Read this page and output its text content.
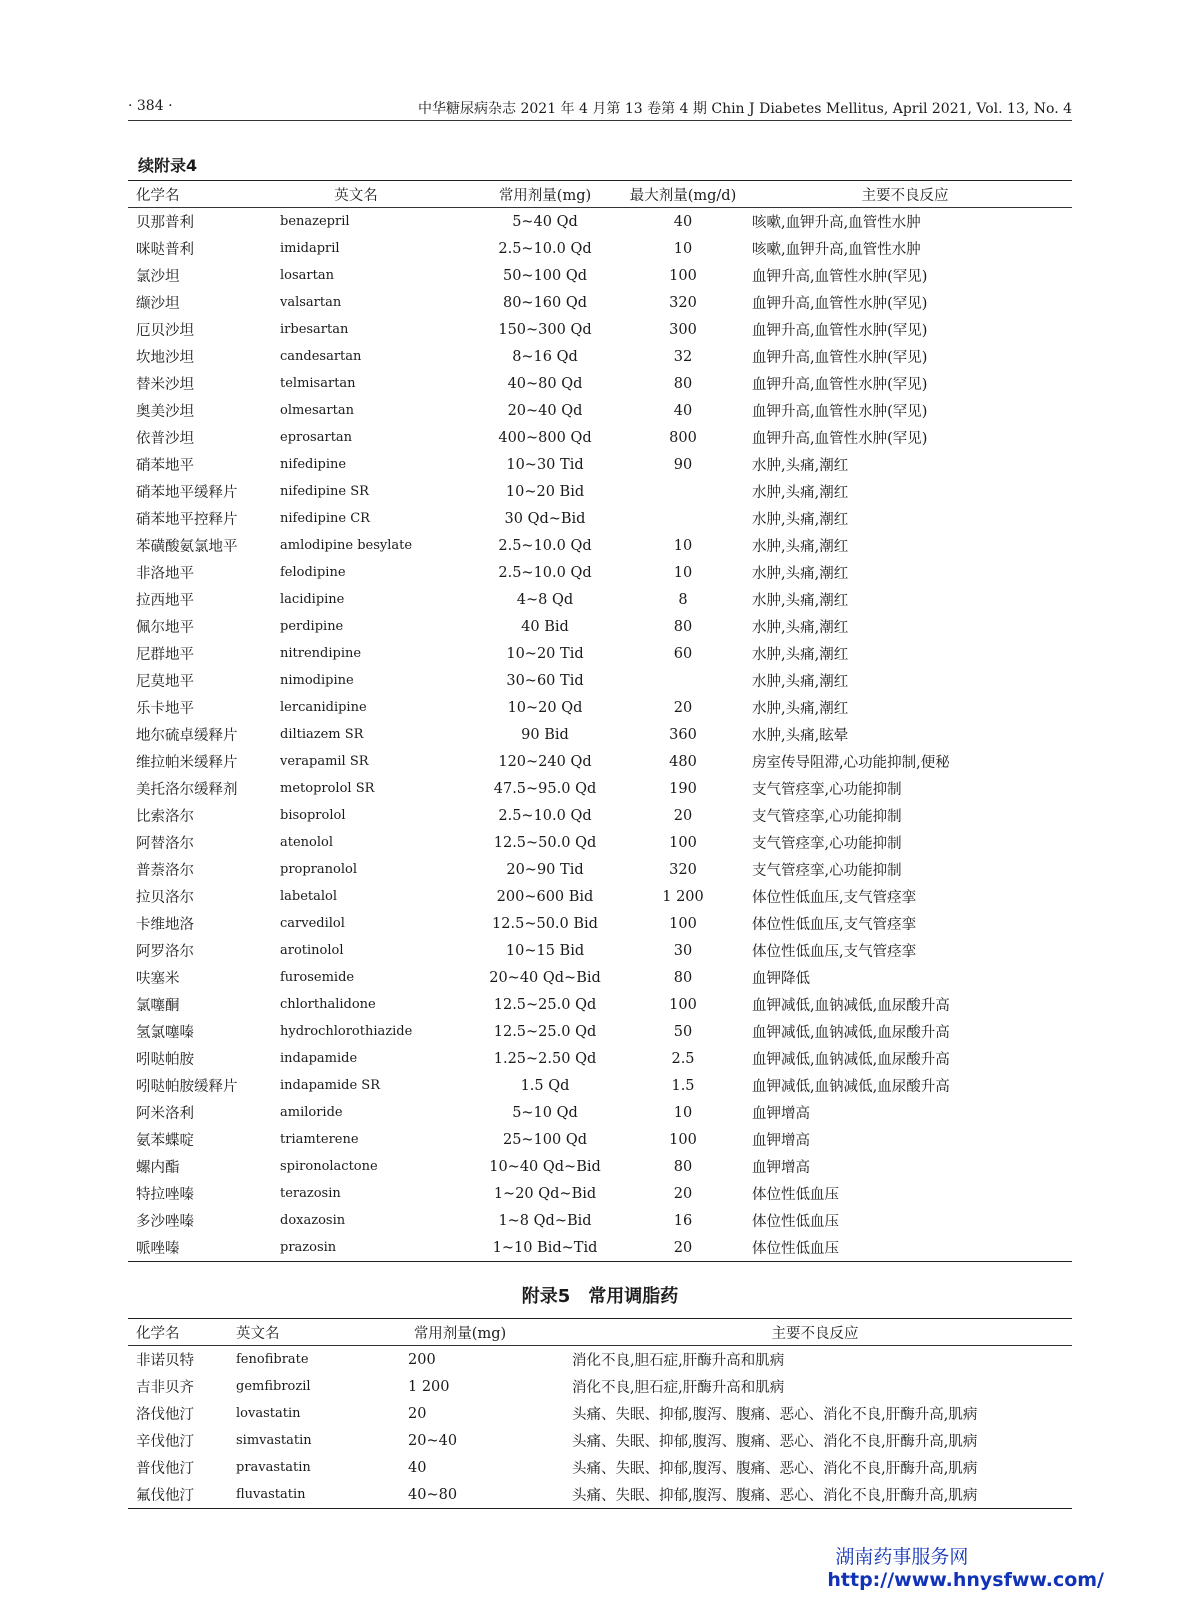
· 384 ·	中华糖尿病杂志 2021 年 4 月第 13 卷第 4 期 Chin J Diabetes Mellitus, April 2021, Vol. 13, No. 4
续附录4
化学名	英文名	常用剂量(mg)	最大剂量(mg/d)	主要不良反应
贝那普利	benazepril	5~40 Qd	40	咳嗽,血钾升高,血管性水肿
咪哒普利	imidapril	2.5~10.0 Qd	10	咳嗽,血钾升高,血管性水肿
氯沙坦	losartan	50~100 Qd	100	血钾升高,血管性水肿(罕见)
缬沙坦	valsartan	80~160 Qd	320	血钾升高,血管性水肿(罕见)
厄贝沙坦	irbesartan	150~300 Qd	300	血钾升高,血管性水肿(罕见)
坎地沙坦	candesartan	8~16 Qd	32	血钾升高,血管性水肿(罕见)
替米沙坦	telmisartan	40~80 Qd	80	血钾升高,血管性水肿(罕见)
奥美沙坦	olmesartan	20~40 Qd	40	血钾升高,血管性水肿(罕见)
依普沙坦	eprosartan	400~800 Qd	800	血钾升高,血管性水肿(罕见)
硝苯地平	nifedipine	10~30 Tid	90	水肿,头痛,潮红
硝苯地平缓释片	nifedipine SR	10~20 Bid		水肿,头痛,潮红
硝苯地平控释片	nifedipine CR	30 Qd~Bid		水肿,头痛,潮红
苯磺酸氨氯地平	amlodipine besylate	2.5~10.0 Qd	10	水肿,头痛,潮红
非洛地平	felodipine	2.5~10.0 Qd	10	水肿,头痛,潮红
拉西地平	lacidipine	4~8 Qd	8	水肿,头痛,潮红
佩尔地平	perdipine	40 Bid	80	水肿,头痛,潮红
尼群地平	nitrendipine	10~20 Tid	60	水肿,头痛,潮红
尼莫地平	nimodipine	30~60 Tid		水肿,头痛,潮红
乐卡地平	lercanidipine	10~20 Qd	20	水肿,头痛,潮红
地尔硫卓缓释片	diltiazem SR	90 Bid	360	水肿,头痛,眩晕
维拉帕米缓释片	verapamil SR	120~240 Qd	480	房室传导阻滞,心功能抑制,便秘
美托洛尔缓释剂	metoprolol SR	47.5~95.0 Qd	190	支气管痉挛,心功能抑制
比索洛尔	bisoprolol	2.5~10.0 Qd	20	支气管痉挛,心功能抑制
阿替洛尔	atenolol	12.5~50.0 Qd	100	支气管痉挛,心功能抑制
普萘洛尔	propranolol	20~90 Tid	320	支气管痉挛,心功能抑制
拉贝洛尔	labetalol	200~600 Bid	1 200	体位性低血压,支气管痉挛
卡维地洛	carvedilol	12.5~50.0 Bid	100	体位性低血压,支气管痉挛
阿罗洛尔	arotinolol	10~15 Bid	30	体位性低血压,支气管痉挛
呋塞米	furosemide	20~40 Qd~Bid	80	血钾降低
氯噻酮	chlorthalidone	12.5~25.0 Qd	100	血钾减低,血钠减低,血尿酸升高
氢氯噻嗪	hydrochlorothiazide	12.5~25.0 Qd	50	血钾减低,血钠减低,血尿酸升高
吲哒帕胺	indapamide	1.25~2.50 Qd	2.5	血钾减低,血钠减低,血尿酸升高
吲哒帕胺缓释片	indapamide SR	1.5 Qd	1.5	血钾减低,血钠减低,血尿酸升高
阿米洛利	amiloride	5~10 Qd	10	血钾增高
氨苯蝶啶	triamterene	25~100 Qd	100	血钾增高
螺内酯	spironolactone	10~40 Qd~Bid	80	血钾增高
特拉唑嗪	terazosin	1~20 Qd~Bid	20	体位性低血压
多沙唑嗪	doxazosin	1~8 Qd~Bid	16	体位性低血压
哌唑嗪	prazosin	1~10 Bid~Tid	20	体位性低血压
附录5　常用调脂药
化学名	英文名	常用剂量(mg)	主要不良反应
非诺贝特	fenofibrate	200	消化不良,胆石症,肝酶升高和肌病
吉非贝齐	gemfibrozil	1 200	消化不良,胆石症,肝酶升高和肌病
洛伐他汀	lovastatin	20	头痛、失眠、抑郁,腹泻、腹痛、恶心、消化不良,肝酶升高,肌病
辛伐他汀	simvastatin	20~40	头痛、失眠、抑郁,腹泻、腹痛、恶心、消化不良,肝酶升高,肌病
普伐他汀	pravastatin	40	头痛、失眠、抑郁,腹泻、腹痛、恶心、消化不良,肝酶升高,肌病
氟伐他汀	fluvastatin	40~80	头痛、失眠、抑郁,腹泻、腹痛、恶心、消化不良,肝酶升高,肌病
湖南药事服务网
http://www.hnysfww.com/
